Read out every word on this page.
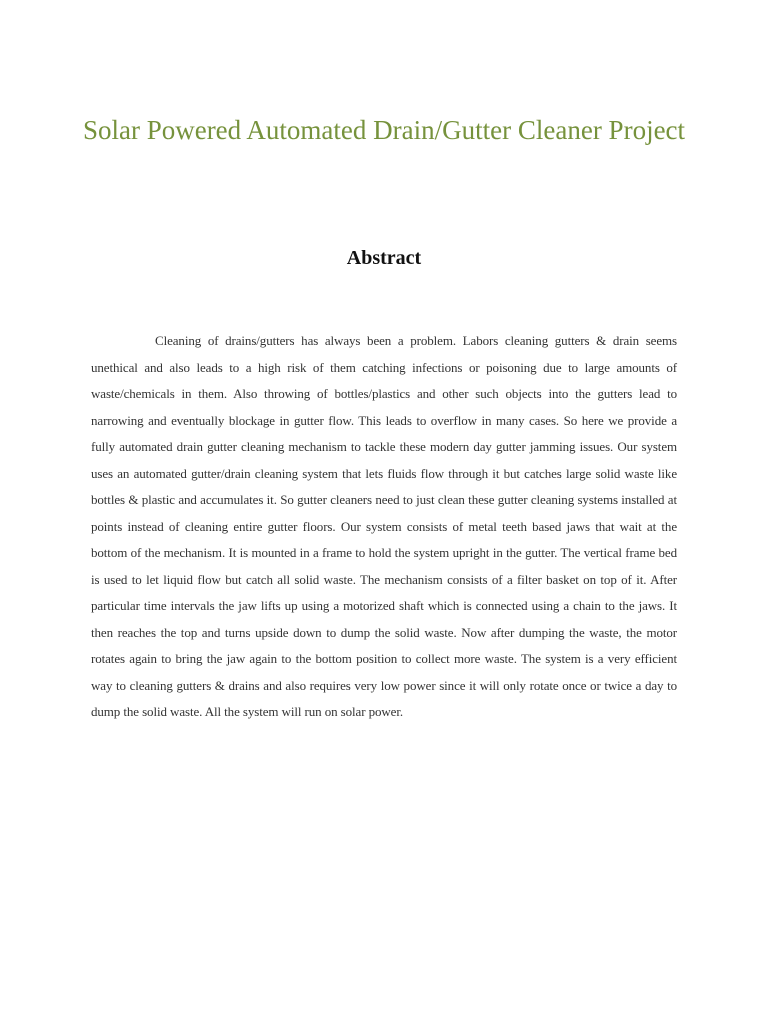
Solar Powered Automated Drain/Gutter Cleaner Project
Abstract

Cleaning of drains/gutters has always been a problem. Labors cleaning gutters & drain seems unethical and also leads to a high risk of them catching infections or poisoning due to large amounts of waste/chemicals in them. Also throwing of bottles/plastics and other such objects into the gutters lead to narrowing and eventually blockage in gutter flow. This leads to overflow in many cases. So here we provide a fully automated drain gutter cleaning mechanism to tackle these modern day gutter jamming issues. Our system uses an automated gutter/drain cleaning system that lets fluids flow through it but catches large solid waste like bottles & plastic and accumulates it. So gutter cleaners need to just clean these gutter cleaning systems installed at points instead of cleaning entire gutter floors. Our system consists of metal teeth based jaws that wait at the bottom of the mechanism. It is mounted in a frame to hold the system upright in the gutter. The vertical frame bed is used to let liquid flow but catch all solid waste. The mechanism consists of a filter basket on top of it. After particular time intervals the jaw lifts up using a motorized shaft which is connected using a chain to the jaws. It then reaches the top and turns upside down to dump the solid waste. Now after dumping the waste, the motor rotates again to bring the jaw again to the bottom position to collect more waste. The system is a very efficient way to cleaning gutters & drains and also requires very low power since it will only rotate once or twice a day to dump the solid waste. All the system will run on solar power.
